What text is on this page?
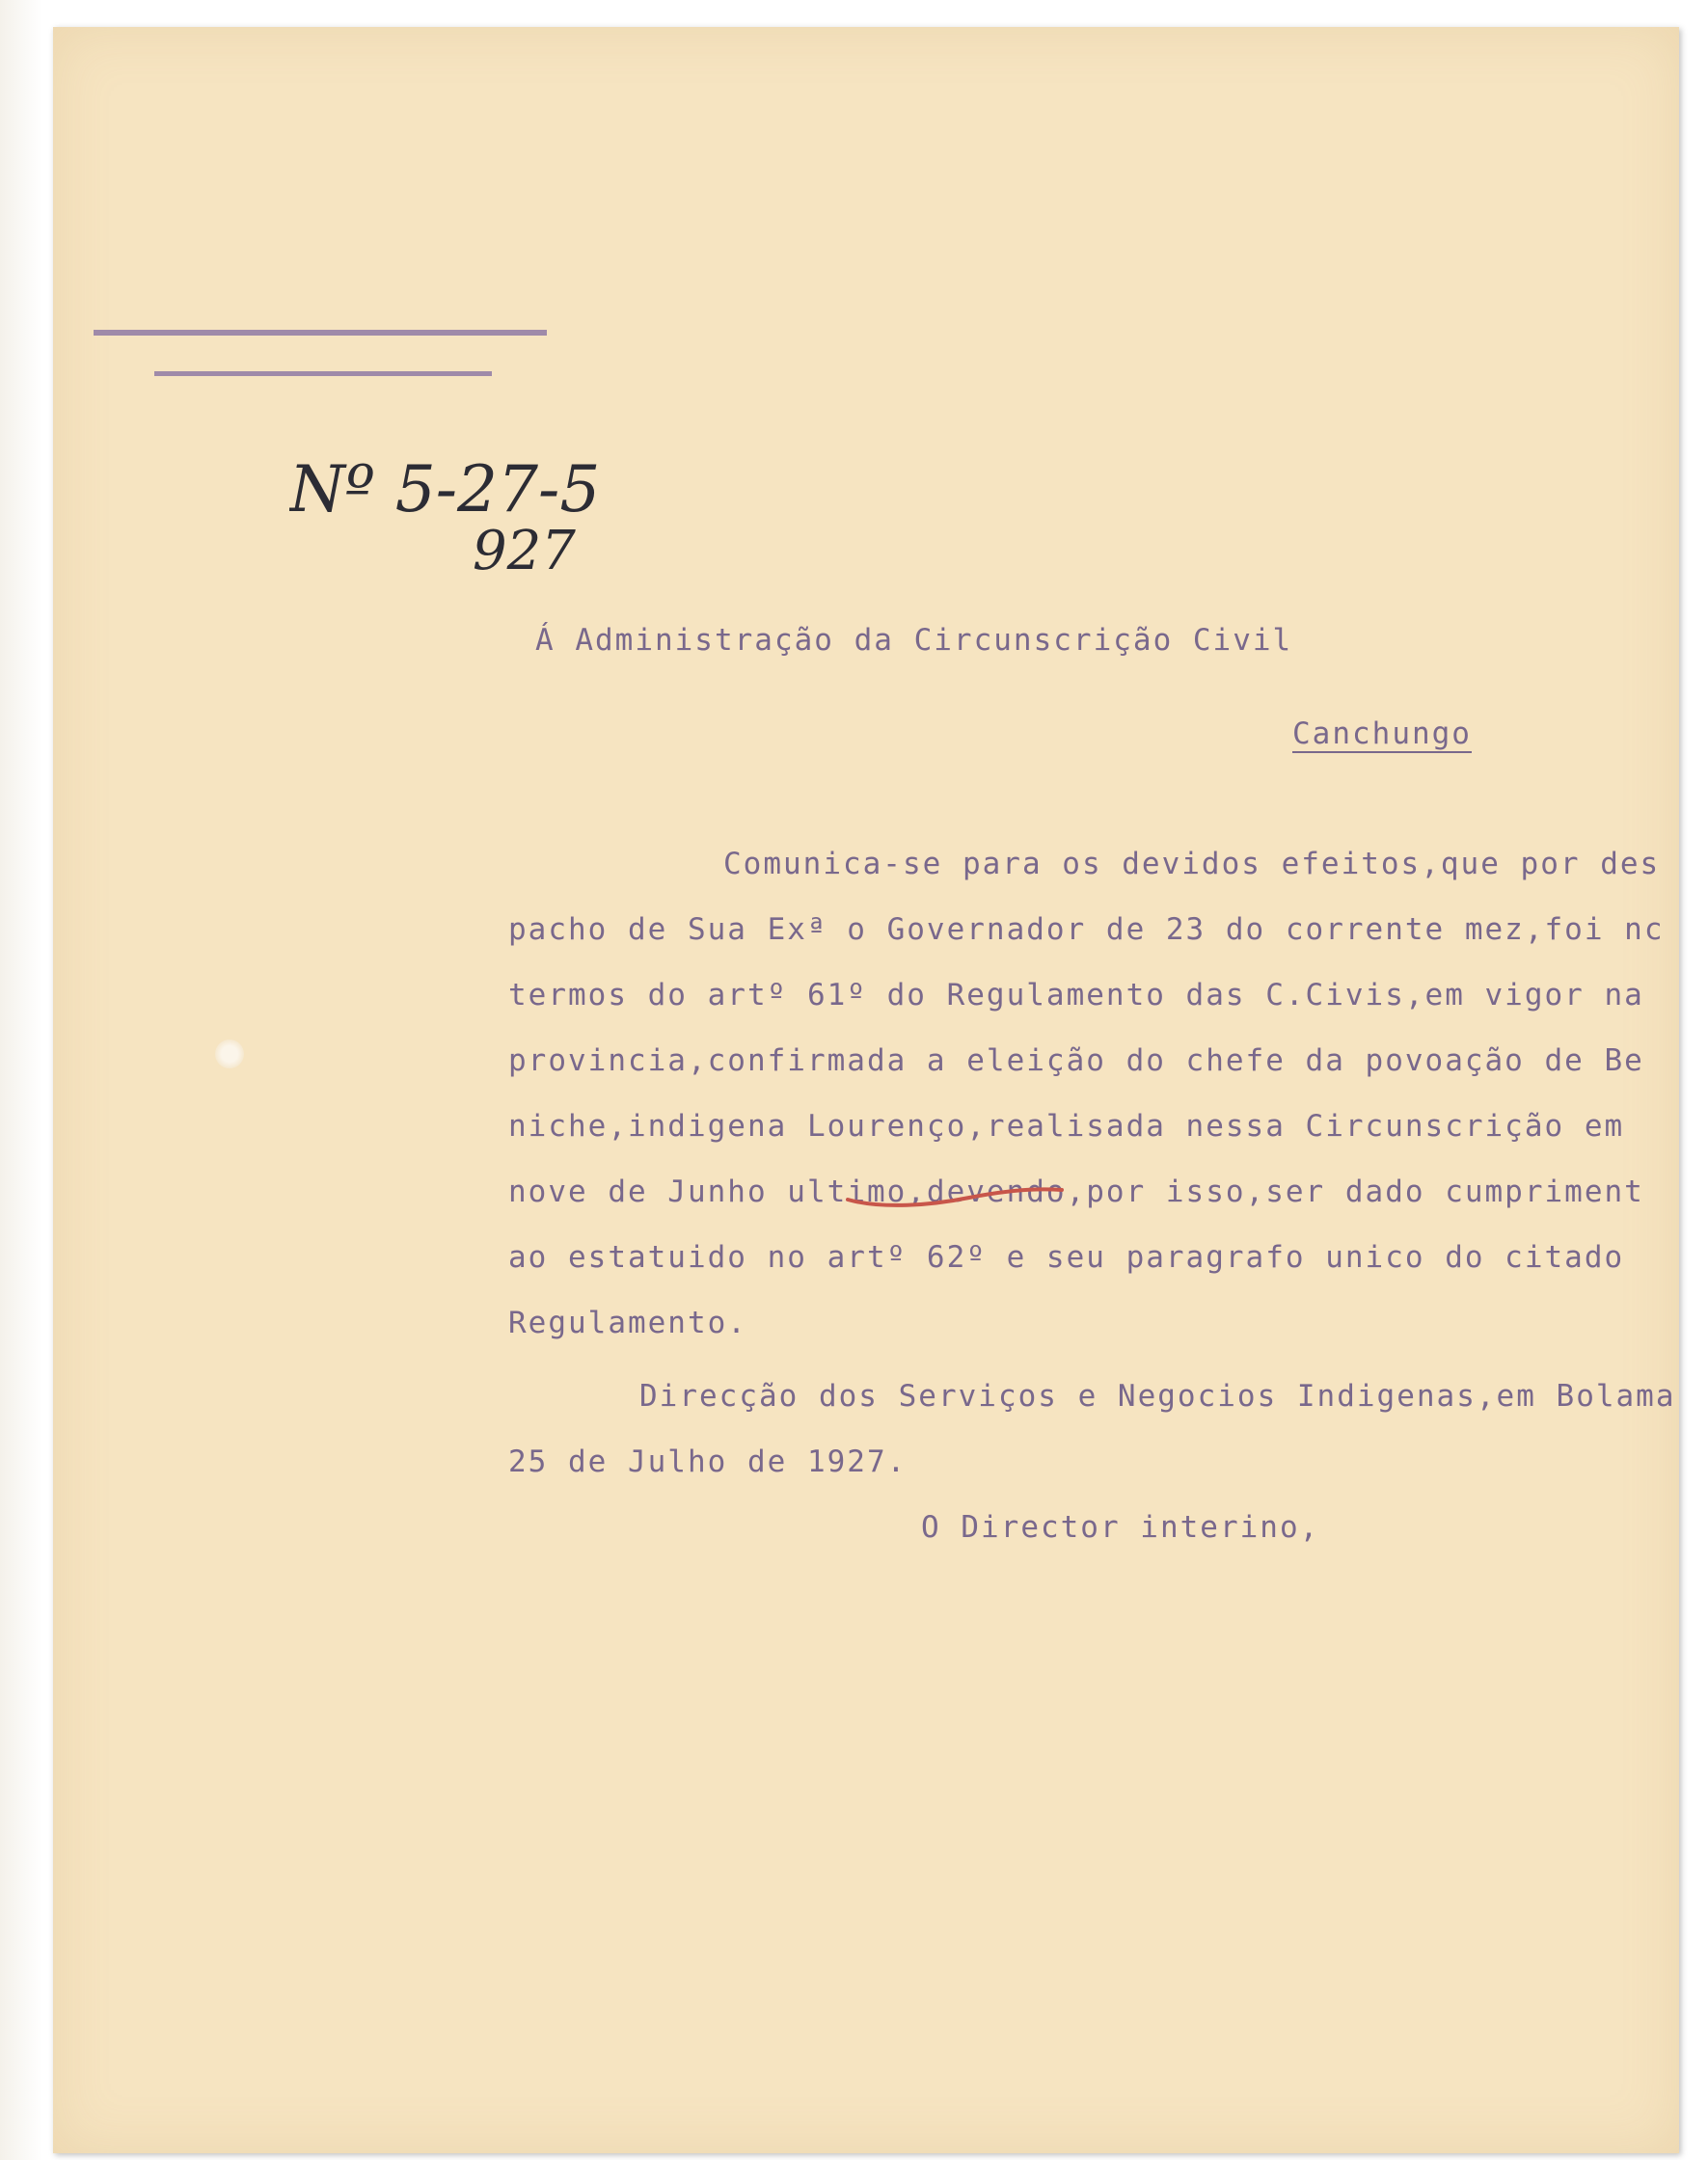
Nº 5-27-5
927

Á Administração da Circunscrição Civil

Canchungo

Comunica-se para os devidos efeitos,que por des

pacho de Sua Exª o Governador de 23 do corrente mez,foi nc

termos do artº 61º do Regulamento das C.Civis,em vigor na

provincia,confirmada a eleição do chefe da povoação de Be

niche,indigena Lourenço,realisada nessa Circunscrição em

nove de Junho ultimo,devendo,por isso,ser dado cumpriment

ao estatuido no artº 62º e seu paragrafo unico do citado

Regulamento.

Direcção dos Serviços e Negocios Indigenas,em Bolama

25 de Julho de 1927.

O Director interino,
